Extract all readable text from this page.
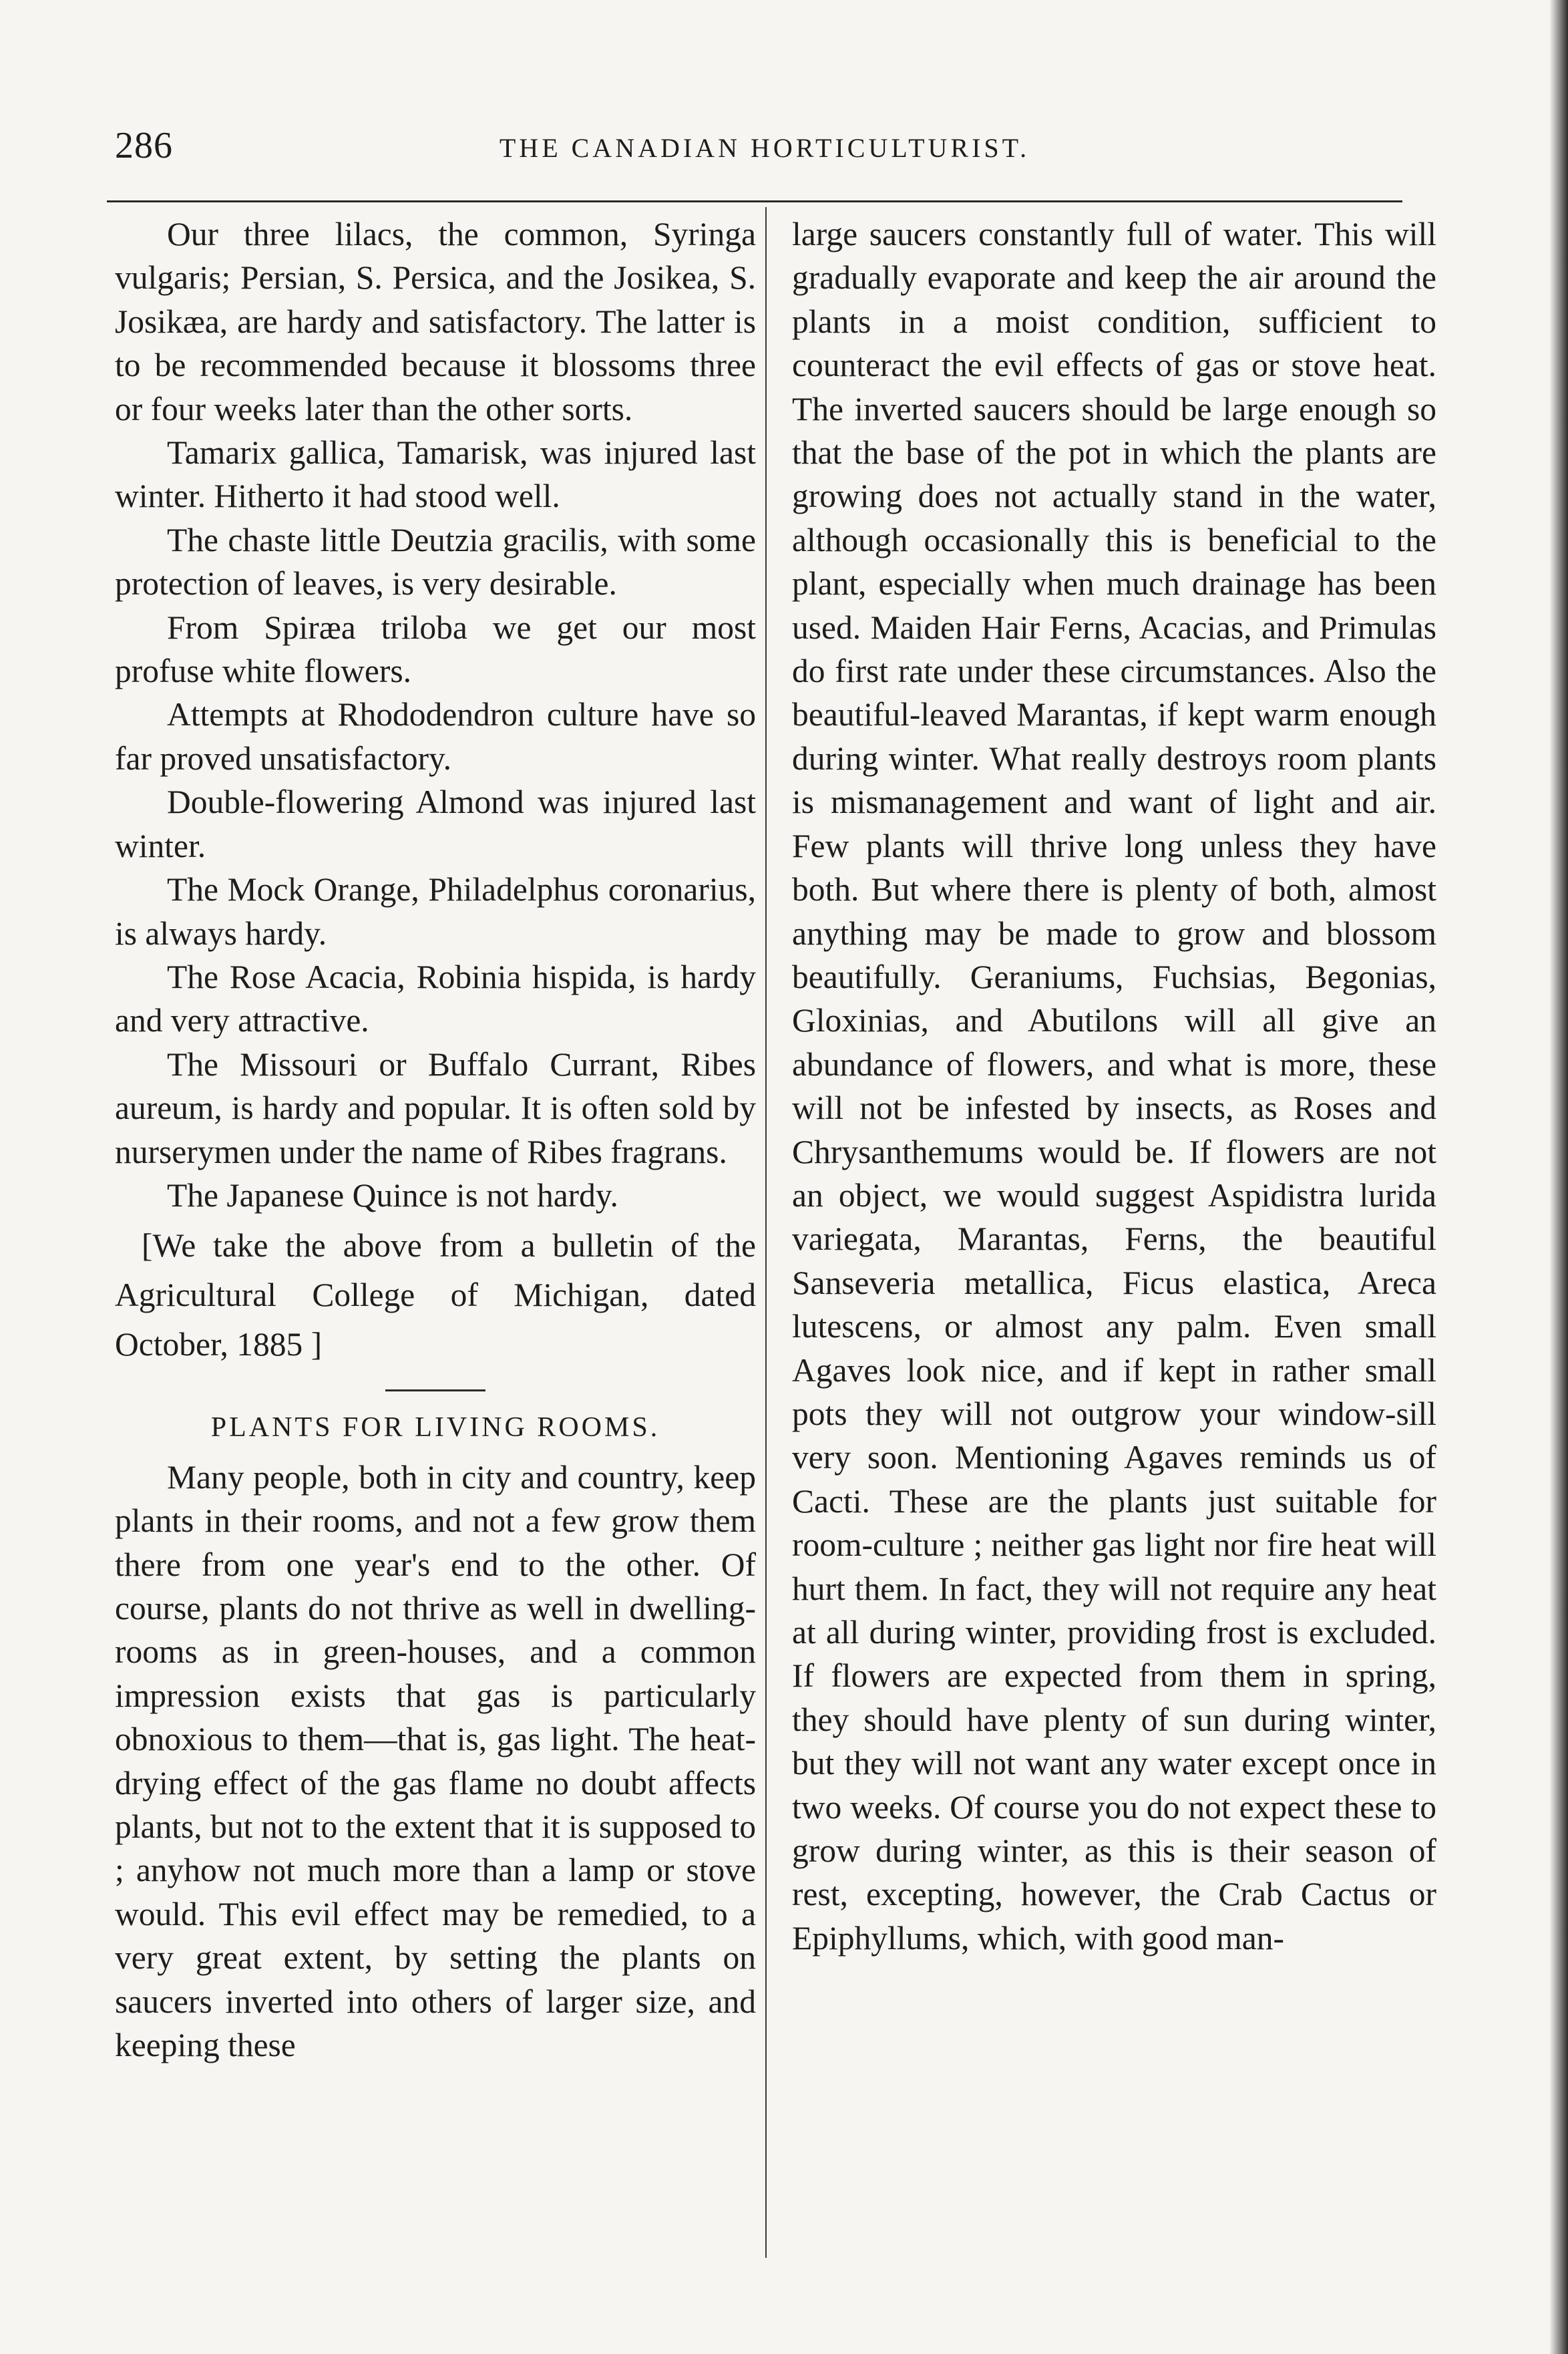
286	THE CANADIAN HORTICULTURIST.

Our three lilacs, the common, Syringa vulgaris; Persian, S. Persica, and the Josikea, S. Josikæa, are hardy and satisfactory. The latter is to be recommended because it blossoms three or four weeks later than the other sorts.

Tamarix gallica, Tamarisk, was injured last winter. Hitherto it had stood well.

The chaste little Deutzia gracilis, with some protection of leaves, is very desirable.

From Spiræa triloba we get our most profuse white flowers.

Attempts at Rhododendron culture have so far proved unsatisfactory.

Double-flowering Almond was injured last winter.

The Mock Orange, Philadelphus coronarius, is always hardy.

The Rose Acacia, Robinia hispida, is hardy and very attractive.

The Missouri or Buffalo Currant, Ribes aureum, is hardy and popular. It is often sold by nurserymen under the name of Ribes fragrans.

The Japanese Quince is not hardy.

[We take the above from a bulletin of the Agricultural College of Michigan, dated October, 1885 ]

PLANTS FOR LIVING ROOMS.

Many people, both in city and country, keep plants in their rooms, and not a few grow them there from one year's end to the other. Of course, plants do not thrive as well in dwelling-rooms as in green-houses, and a common impression exists that gas is particularly obnoxious to them—that is, gas light. The heat-drying effect of the gas flame no doubt affects plants, but not to the extent that it is supposed to ; anyhow not much more than a lamp or stove would. This evil effect may be remedied, to a very great extent, by setting the plants on saucers inverted into others of larger size, and keeping these

large saucers constantly full of water. This will gradually evaporate and keep the air around the plants in a moist condition, sufficient to counteract the evil effects of gas or stove heat. The inverted saucers should be large enough so that the base of the pot in which the plants are growing does not actually stand in the water, although occasionally this is beneficial to the plant, especially when much drainage has been used. Maiden Hair Ferns, Acacias, and Primulas do first rate under these circumstances. Also the beautiful-leaved Marantas, if kept warm enough during winter. What really destroys room plants is mismanagement and want of light and air. Few plants will thrive long unless they have both. But where there is plenty of both, almost anything may be made to grow and blossom beautifully. Geraniums, Fuchsias, Begonias, Gloxinias, and Abutilons will all give an abundance of flowers, and what is more, these will not be infested by insects, as Roses and Chrysanthemums would be. If flowers are not an object, we would suggest Aspidistra lurida variegata, Marantas, Ferns, the beautiful Sanseveria metallica, Ficus elastica, Areca lutescens, or almost any palm. Even small Agaves look nice, and if kept in rather small pots they will not outgrow your window-sill very soon. Mentioning Agaves reminds us of Cacti. These are the plants just suitable for room-culture ; neither gas light nor fire heat will hurt them. In fact, they will not require any heat at all during winter, providing frost is excluded. If flowers are expected from them in spring, they should have plenty of sun during winter, but they will not want any water except once in two weeks. Of course you do not expect these to grow during winter, as this is their season of rest, excepting, however, the Crab Cactus or Epiphyllums, which, with good man-
